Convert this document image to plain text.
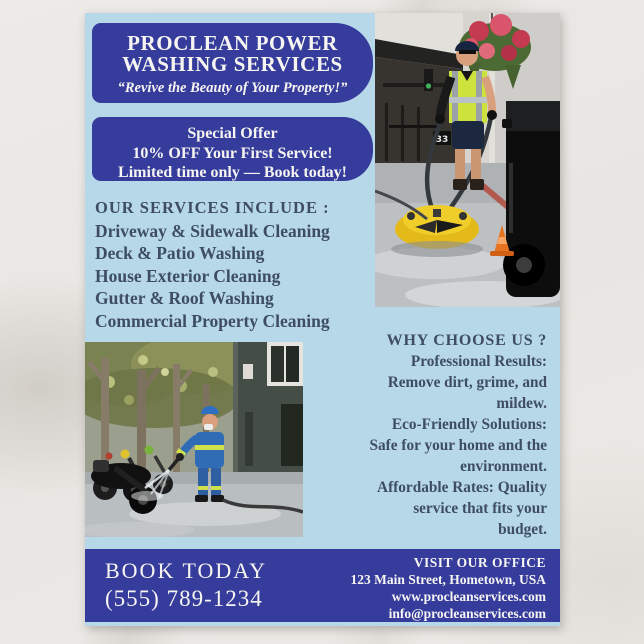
PROCLEAN POWER
WASHING SERVICES
“Revive the Beauty of Your Property!”
Special Offer
10% OFF Your First Service!
Limited time only — Book today!
33
OUR SERVICES INCLUDE :
Driveway & Sidewalk Cleaning
Deck & Patio Washing
House Exterior Cleaning
Gutter & Roof Washing
Commercial Property Cleaning
WHY CHOOSE US ?
Professional Results:
Remove dirt, grime, and
mildew.
Eco-Friendly Solutions:
Safe for your home and the
environment.
Affordable Rates: Quality
service that fits your
budget.
BOOK TODAY
(555) 789-1234
VISIT OUR OFFICE
123 Main Street, Hometown, USA
www.procleanservices.com
info@procleanservices.com
